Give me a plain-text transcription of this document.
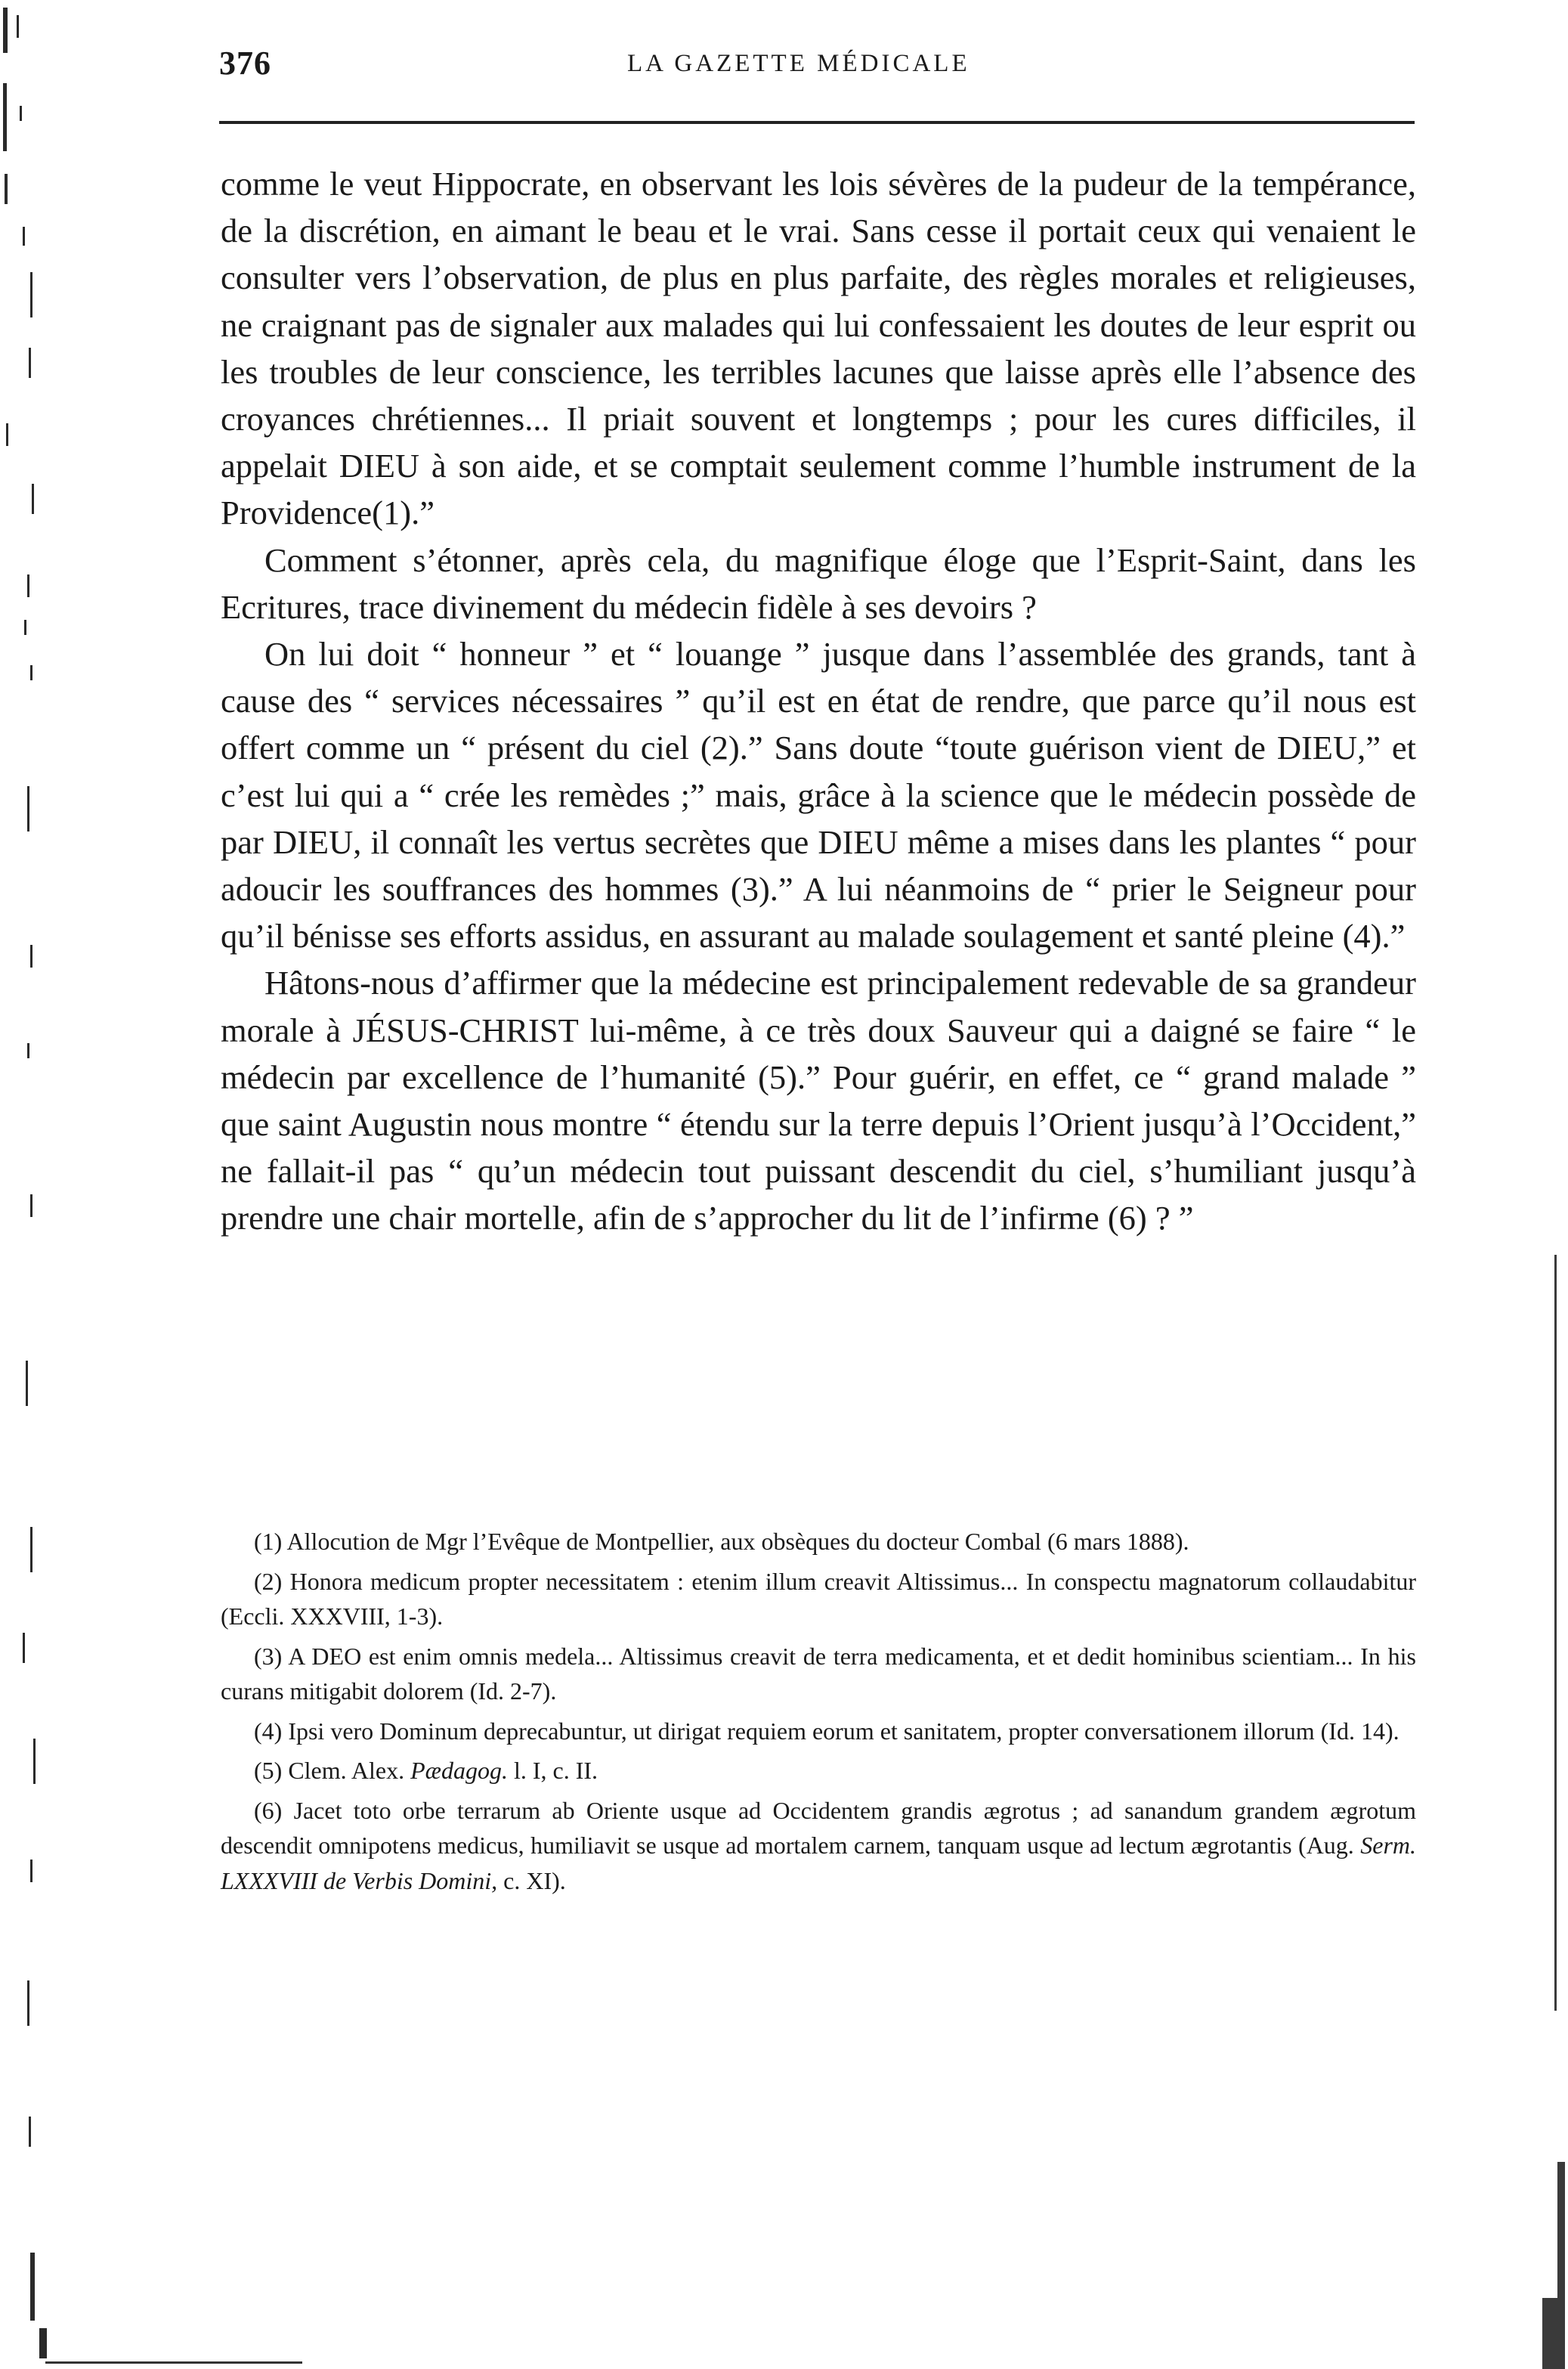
376	LA GAZETTE MÉDICALE

comme le veut Hippocrate, en observant les lois sévères de la pudeur de la tempérance, de la discrétion, en aimant le beau et le vrai. Sans cesse il portait ceux qui venaient le consulter vers l’observation, de plus en plus parfaite, des règles morales et religieuses, ne craignant pas de signaler aux malades qui lui confessaient les doutes de leur esprit ou les troubles de leur conscience, les terribles lacunes que laisse après elle l’absence des croyances chrétiennes... Il priait souvent et longtemps ; pour les cures difficiles, il appelait DIEU à son aide, et se comptait seulement comme l’humble instrument de la Providence(1).”

Comment s’étonner, après cela, du magnifique éloge que l’Esprit-Saint, dans les Ecritures, trace divinement du médecin fidèle à ses devoirs ?

On lui doit “ honneur ” et “ louange ” jusque dans l’assemblée des grands, tant à cause des “ services nécessaires ” qu’il est en état de rendre, que parce qu’il nous est offert comme un “ présent du ciel (2).” Sans doute “toute guérison vient de DIEU,” et c’est lui qui a “ crée les remèdes ;” mais, grâce à la science que le médecin possède de par DIEU, il connaît les vertus secrètes que DIEU même a mises dans les plantes “ pour adoucir les souffrances des hommes (3).” A lui néanmoins de “ prier le Seigneur pour qu’il bénisse ses efforts assidus, en assurant au malade soulagement et santé pleine (4).”

Hâtons-nous d’affirmer que la médecine est principalement redevable de sa grandeur morale à JÉSUS-CHRIST lui-même, à ce très doux Sauveur qui a daigné se faire “ le médecin par excellence de l’humanité (5).” Pour guérir, en effet, ce “ grand malade ” que saint Augustin nous montre “ étendu sur la terre depuis l’Orient jusqu’à l’Occident,” ne fallait-il pas “ qu’un médecin tout puissant descendit du ciel, s’humiliant jusqu’à prendre une chair mortelle, afin de s’approcher du lit de l’infirme (6) ? ”

(1) Allocution de Mgr l’Evêque de Montpellier, aux obsèques du docteur Combal (6 mars 1888).

(2) Honora medicum propter necessitatem : etenim illum creavit Altissimus... In conspectu magnatorum collaudabitur (Eccli. XXXVIII, 1-3).

(3) A DEO est enim omnis medela... Altissimus creavit de terra medicamenta, et et dedit hominibus scientiam... In his curans mitigabit dolorem (Id. 2-7).

(4) Ipsi vero Dominum deprecabuntur, ut dirigat requiem eorum et sanitatem, propter conversationem illorum (Id. 14).

(5) Clem. Alex. Pædagog. l. I, c. II.

(6) Jacet toto orbe terrarum ab Oriente usque ad Occidentem grandis ægrotus ; ad sanandum grandem ægrotum descendit omnipotens medicus, humiliavit se usque ad mortalem carnem, tanquam usque ad lectum ægrotantis (Aug. Serm. LXXXVIII de Verbis Domini, c. XI).
